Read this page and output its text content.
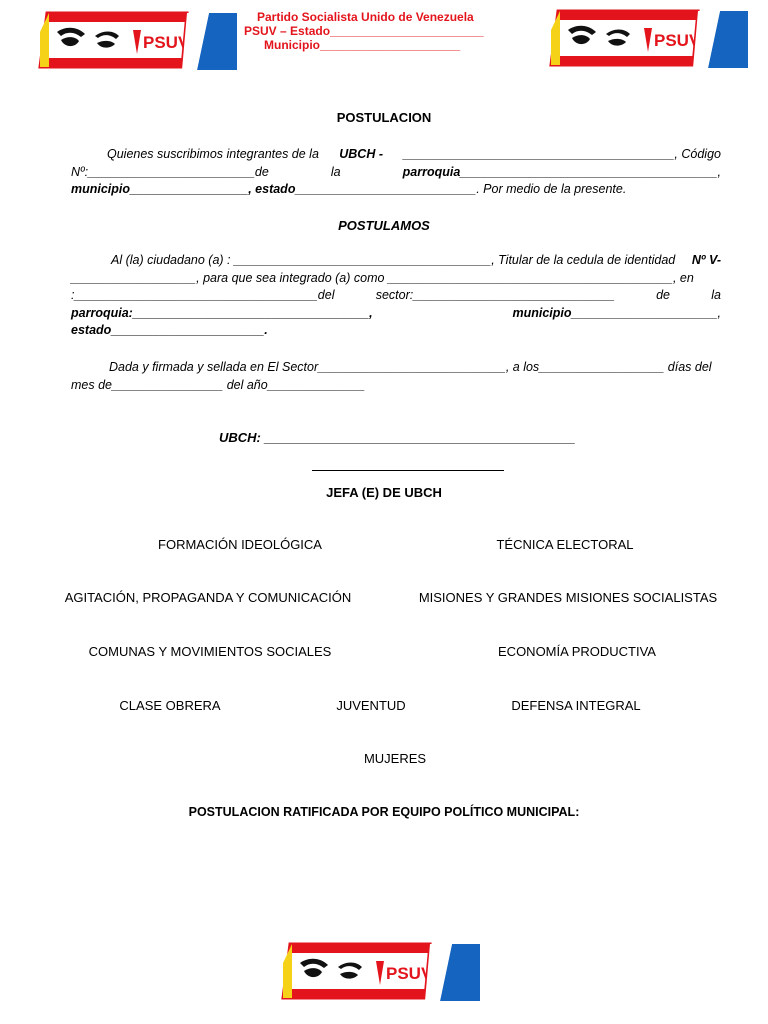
Partido Socialista Unido de Venezuela
PSUV – Estado_______________________
Municipio_____________________
POSTULACION
Quienes suscribimos integrantes de la UBCH - _______________________________________, Código
Nº:________________________de	la	parroquia_____________________________________,
municipio_________________, estado__________________________. Por medio de la presente.
POSTULAMOS
Al (la) ciudadano (a) : _____________________________________, Titular de la cedula de identidad Nº V-
__________________, para que sea integrado (a) como _________________________________________, en
:___________________________________del	sector:_____________________________	de	la
parroquia:__________________________________,	municipio_____________________,
estado______________________.
Dada y firmada y sellada en El Sector___________________________, a los__________________ días del
mes de________________ del año______________
UBCH: ___________________________________________
JEFA (E) DE UBCH
FORMACIÓN IDEOLÓGICA	TÉCNICA ELECTORAL
AGITACIÓN, PROPAGANDA Y COMUNICACIÓN	MISIONES Y GRANDES MISIONES SOCIALISTAS
COMUNAS Y MOVIMIENTOS SOCIALES	ECONOMÍA PRODUCTIVA
CLASE OBRERA	JUVENTUD	DEFENSA INTEGRAL
MUJERES
POSTULACION RATIFICADA POR EQUIPO POLÍTICO MUNICIPAL:
